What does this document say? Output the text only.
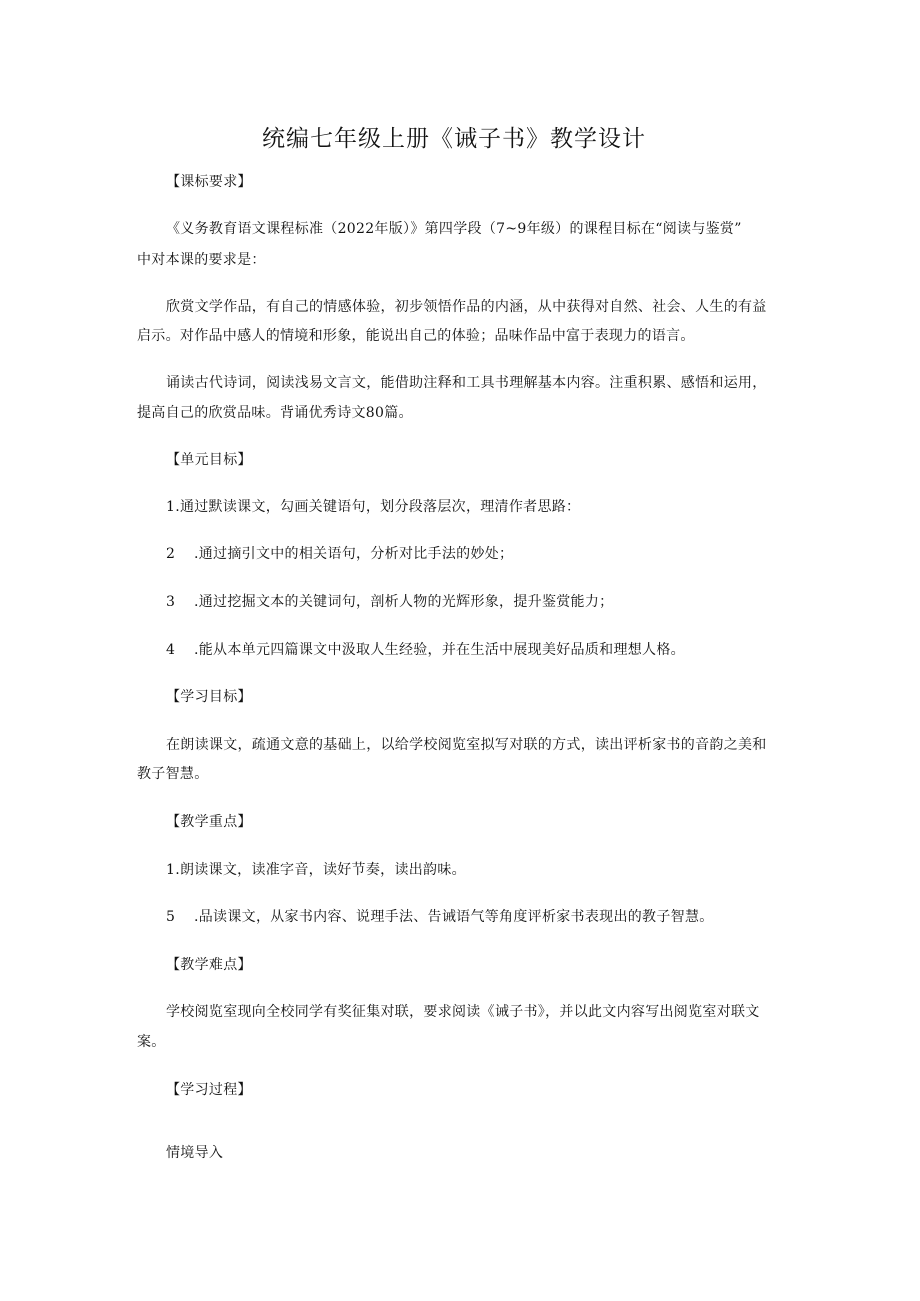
统编七年级上册《诫子书》教学设计
【课标要求】
《义务教育语文课程标准（2022年版）》第四学段（7~9年级）的课程目标在“阅读与鉴赏”
中对本课的要求是：
欣赏文学作品，有自己的情感体验，初步领悟作品的内涵，从中获得对自然、社会、人生的有益
启示。对作品中感人的情境和形象，能说出自己的体验；品味作品中富于表现力的语言。
诵读古代诗词，阅读浅易文言文，能借助注释和工具书理解基本内容。注重积累、感悟和运用，
提高自己的欣赏品味。背诵优秀诗文80篇。
【单元目标】
1.通过默读课文，勾画关键语句，划分段落层次，理清作者思路：
2 .通过摘引文中的相关语句，分析对比手法的妙处；
3 .通过挖掘文本的关键词句，剖析人物的光辉形象，提升鉴赏能力；
4 .能从本单元四篇课文中汲取人生经验，并在生活中展现美好品质和理想人格。
【学习目标】
在朗读课文，疏通文意的基础上，以给学校阅览室拟写对联的方式，读出评析家书的音韵之美和
教子智慧。
【教学重点】
1.朗读课文，读准字音，读好节奏，读出韵味。
5 .品读课文，从家书内容、说理手法、告诫语气等角度评析家书表现出的教子智慧。
【教学难点】
学校阅览室现向全校同学有奖征集对联，要求阅读《诫子书》，并以此文内容写出阅览室对联文
案。
【学习过程】
情境导入
